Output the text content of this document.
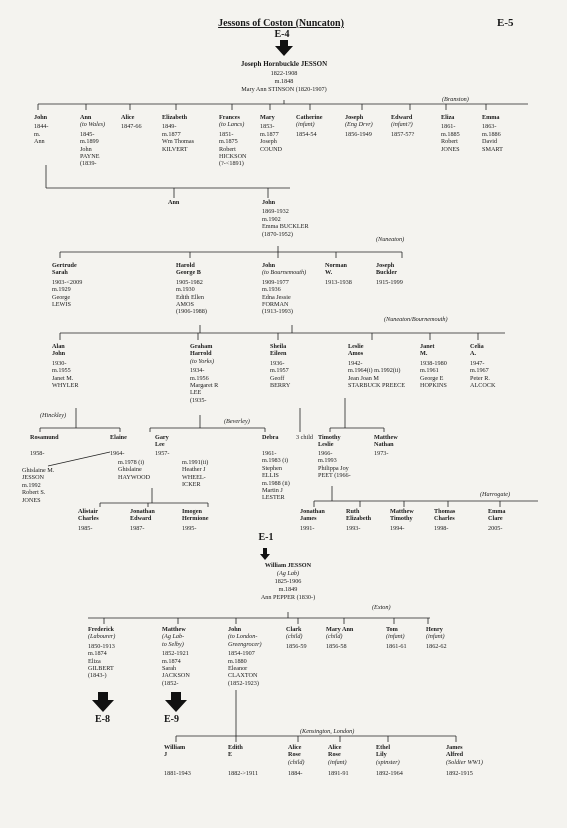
Jessons of Coston (Nuncaton)	E-5
E-4
Joseph Hornbuckle JESSON
1822-1908
m.1848
Mary Ann STINSON (1820-1907)
(Branston)
John
1844-
m.
Ann
Ann
(to Wales)
1845-
m.1899
John
PAYNE
(1839-
Alice
1847-66
Elizabeth
1849-
m.1877
Wm Thomas
KILVERT
Frances
(to Lancs)
1851-
m.1875
Robert
HICKSON
(?-<1891)
Mary
1853-
m.1877
Joseph
COUND
Catherine
(infant)
1854-54
Joseph
(Eng Drvr)
1856-1949
Edward
(infant?)
1857-57?
Eliza
1861-
m.1885
Robert
JONES
Emma
1863-
m.1886
David
SMART
Ann	John
1869-1932
m.1902
Emma BUCKLER
(1870-1952)
(Nuneaton)
Gertrude
Sarah
1903-<2009
m.1929
George
LEWIS
Harold
George B
1905-1982
m.1930
Edith Ellen
AMOS
(1906-1988)
John
(to Bournemouth)
1909-1977
m.1936
Edna Jessie
FORMAN
(1913-1993)
Norman
W.
1913-1938
Joseph
Buckler
1915-1999
(Nuneaton/Bournemouth)
Alan
John
1930-
m.1955
Janet M.
WHYLER
Graham
Harrold
(to Yorks)
1934-
m.1956
Margaret R
LEE
(1935-
Sheila
Eileen
1936-
m.1957
Geoff
BERRY
Leslie
Amos
1942-
m.1964(i) m.1992(ii)
Jean Joan M
STARBUCK PREECE
Janet
M.
1938-1980
m.1961
George E
HOPKINS
Celia
A.
1947-
m.1967
Peter R.
ALCOCK
(Hinckley)
(Beverley)
Rosamund
1958-
Elaine
1964-
Gary
Lee
1957-
m.1978 (i)
Ghislaine
HAYWOOD
m.1991(ii)
Heather J
WHEEL-
ICKER
Debra
1961-
m.1983 (i)
Stephen
ELLIS
m.1988 (ii)
Martin J
LESTER
3 child Timothy
Leslie
1966-
m.1993
Philippa Joy
PEET (1966-
Matthew
Nathan
1973-
Ghislaine M.
JESSON
m.1992
Robert S.
JONES
Alistair
Charles
1985-
Jonathan
Edward
1987-
Imogen
Hermione
1995-
(Harrogate)
Jonathan
James
1991-
Ruth
Elizabeth
1993-
Matthew
Timothy
1994-
Thomas
Charles
1998-
Emma
Clare
2005-
E-1
William JESSON
(Ag Lab)
1825-1906
m.1849
Ann PEPPER (1830-)
(Exton)
Frederick
(Labourer)
1850-1913
m.1874
Eliza
GILBERT
(1843-)
Matthew
(Ag Lab-
to Selby)
1852-1921
m.1874
Sarah
JACKSON
(1852-
John
(to London-
Greengrocer)
1854-1907
m.1880
Eleanor
CLAXTON
(1852-1923)
Clark
(child)
1856-59
Mary Ann
(child)
1856-58
Tom
(infant)
1861-61
Henry
(infant)
1862-62
E-8	E-9
(Kensington, London)
William
J
1881-1943
Edith
E
1882->1911
Alice
Rose
(child)
1884-
Alice
Rose
(infant)
1891-91
Ethel
Lily
(spinster)
1892-1964
James
Alfred
(Soldier WW1)
1892-1915
